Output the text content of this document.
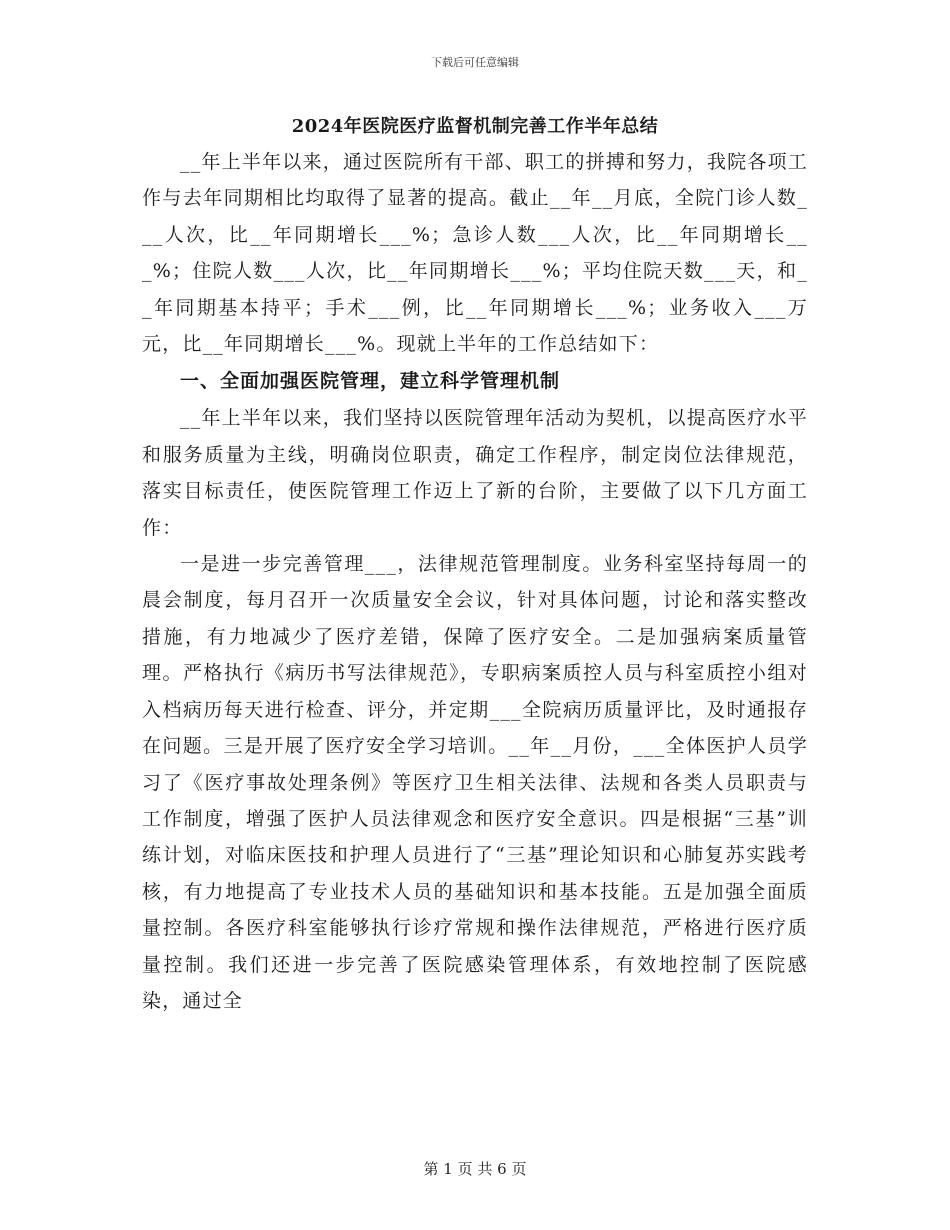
下载后可任意编辑
2024年医院医疗监督机制完善工作半年总结

__年上半年以来，通过医院所有干部、职工的拼搏和努力，我院各项工作与去年同期相比均取得了显著的提高。截止__年__月底，全院门诊人数___人次，比__年同期增长___%；急诊人数___人次，比__年同期增长___%；住院人数___人次，比__年同期增长___%；平均住院天数___天，和__年同期基本持平；手术___例，比__年同期增长___%；业务收入___万元，比__年同期增长___%。现就上半年的工作总结如下：

一、全面加强医院管理，建立科学管理机制

__年上半年以来，我们坚持以医院管理年活动为契机，以提高医疗水平和服务质量为主线，明确岗位职责，确定工作程序，制定岗位法律规范，落实目标责任，使医院管理工作迈上了新的台阶，主要做了以下几方面工作：

一是进一步完善管理___，法律规范管理制度。业务科室坚持每周一的晨会制度，每月召开一次质量安全会议，针对具体问题，讨论和落实整改措施，有力地减少了医疗差错，保障了医疗安全。二是加强病案质量管理。严格执行《病历书写法律规范》，专职病案质控人员与科室质控小组对入档病历每天进行检查、评分，并定期___全院病历质量评比，及时通报存在问题。三是开展了医疗安全学习培训。__年__月份，___全体医护人员学习了《医疗事故处理条例》等医疗卫生相关法律、法规和各类人员职责与工作制度，增强了医护人员法律观念和医疗安全意识。四是根据“三基”训练计划，对临床医技和护理人员进行了“三基”理论知识和心肺复苏实践考核，有力地提高了专业技术人员的基础知识和基本技能。五是加强全面质量控制。各医疗科室能够执行诊疗常规和操作法律规范，严格进行医疗质量控制。我们还进一步完善了医院感染管理体系，有效地控制了医院感染，通过全

第 1 页 共 6 页
